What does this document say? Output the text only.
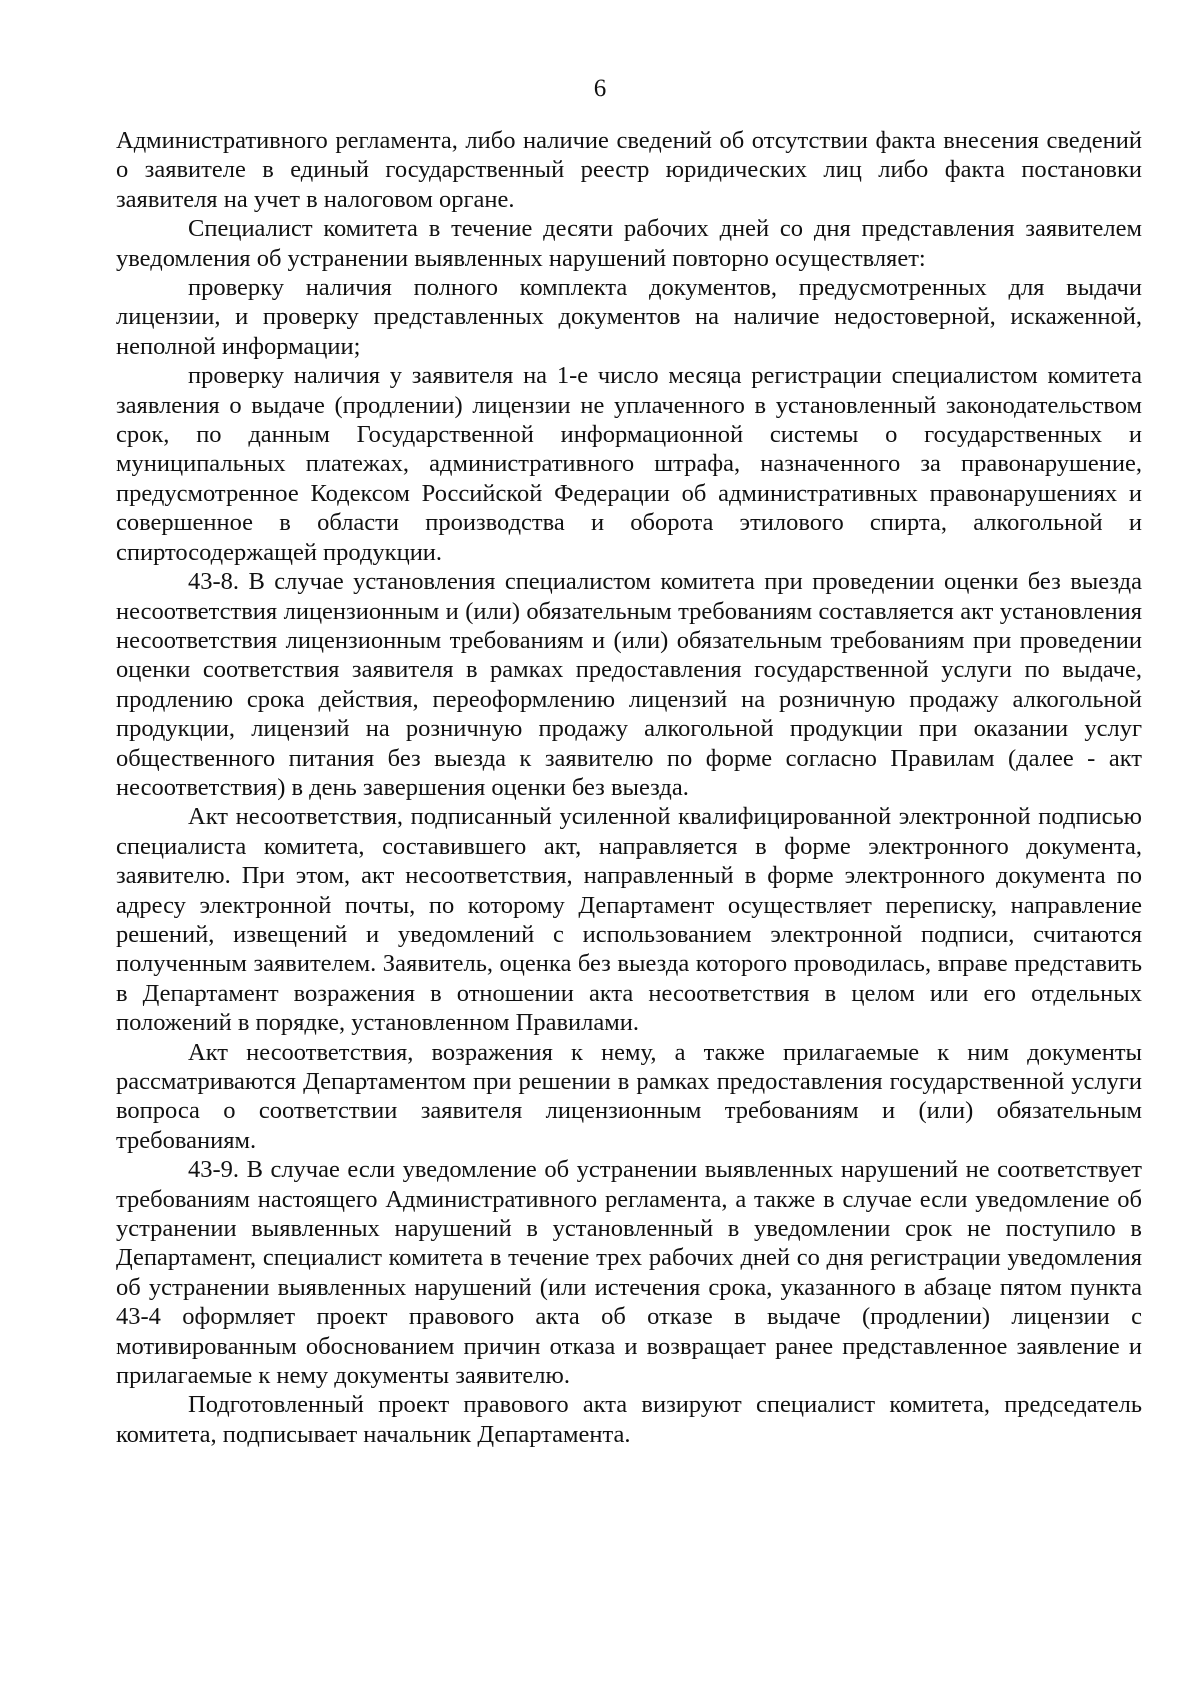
6

Административного регламента, либо наличие сведений об отсутствии факта внесения сведений о заявителе в единый государственный реестр юридических лиц либо факта постановки заявителя на учет в налоговом органе.

Специалист комитета в течение десяти рабочих дней со дня представления заявителем уведомления об устранении выявленных нарушений повторно осуществляет:

проверку наличия полного комплекта документов, предусмотренных для выдачи лицензии, и проверку представленных документов на наличие недостоверной, искаженной, неполной информации;

проверку наличия у заявителя на 1-е число месяца регистрации специалистом комитета заявления о выдаче (продлении) лицензии не уплаченного в установленный законодательством срок, по данным Государственной информационной системы о государственных и муниципальных платежах, административного штрафа, назначенного за правонарушение, предусмотренное Кодексом Российской Федерации об административных правонарушениях и совершенное в области производства и оборота этилового спирта, алкогольной и спиртосодержащей продукции.

43-8. В случае установления специалистом комитета при проведении оценки без выезда несоответствия лицензионным и (или) обязательным требованиям составляется акт установления несоответствия лицензионным требованиям и (или) обязательным требованиям при проведении оценки соответствия заявителя в рамках предоставления государственной услуги по выдаче, продлению срока действия, переоформлению лицензий на розничную продажу алкогольной продукции, лицензий на розничную продажу алкогольной продукции при оказании услуг общественного питания без выезда к заявителю по форме согласно Правилам (далее - акт несоответствия) в день завершения оценки без выезда.

Акт несоответствия, подписанный усиленной квалифицированной электронной подписью специалиста комитета, составившего акт, направляется в форме электронного документа, заявителю. При этом, акт несоответствия, направленный в форме электронного документа по адресу электронной почты, по которому Департамент осуществляет переписку, направление решений, извещений и уведомлений с использованием электронной подписи, считаются полученным заявителем. Заявитель, оценка без выезда которого проводилась, вправе представить в Департамент возражения в отношении акта несоответствия в целом или его отдельных положений в порядке, установленном Правилами.

Акт несоответствия, возражения к нему, а также прилагаемые к ним документы рассматриваются Департаментом при решении в рамках предоставления государственной услуги вопроса о соответствии заявителя лицензионным требованиям и (или) обязательным требованиям.

43-9. В случае если уведомление об устранении выявленных нарушений не соответствует требованиям настоящего Административного регламента, а также в случае если уведомление об устранении выявленных нарушений в установленный в уведомлении срок не поступило в Департамент, специалист комитета в течение трех рабочих дней со дня регистрации уведомления об устранении выявленных нарушений (или истечения срока, указанного в абзаце пятом пункта 43-4 оформляет проект правового акта об отказе в выдаче (продлении) лицензии с мотивированным обоснованием причин отказа и возвращает ранее представленное заявление и прилагаемые к нему документы заявителю.

Подготовленный проект правового акта визируют специалист комитета, председатель комитета, подписывает начальник Департамента.
